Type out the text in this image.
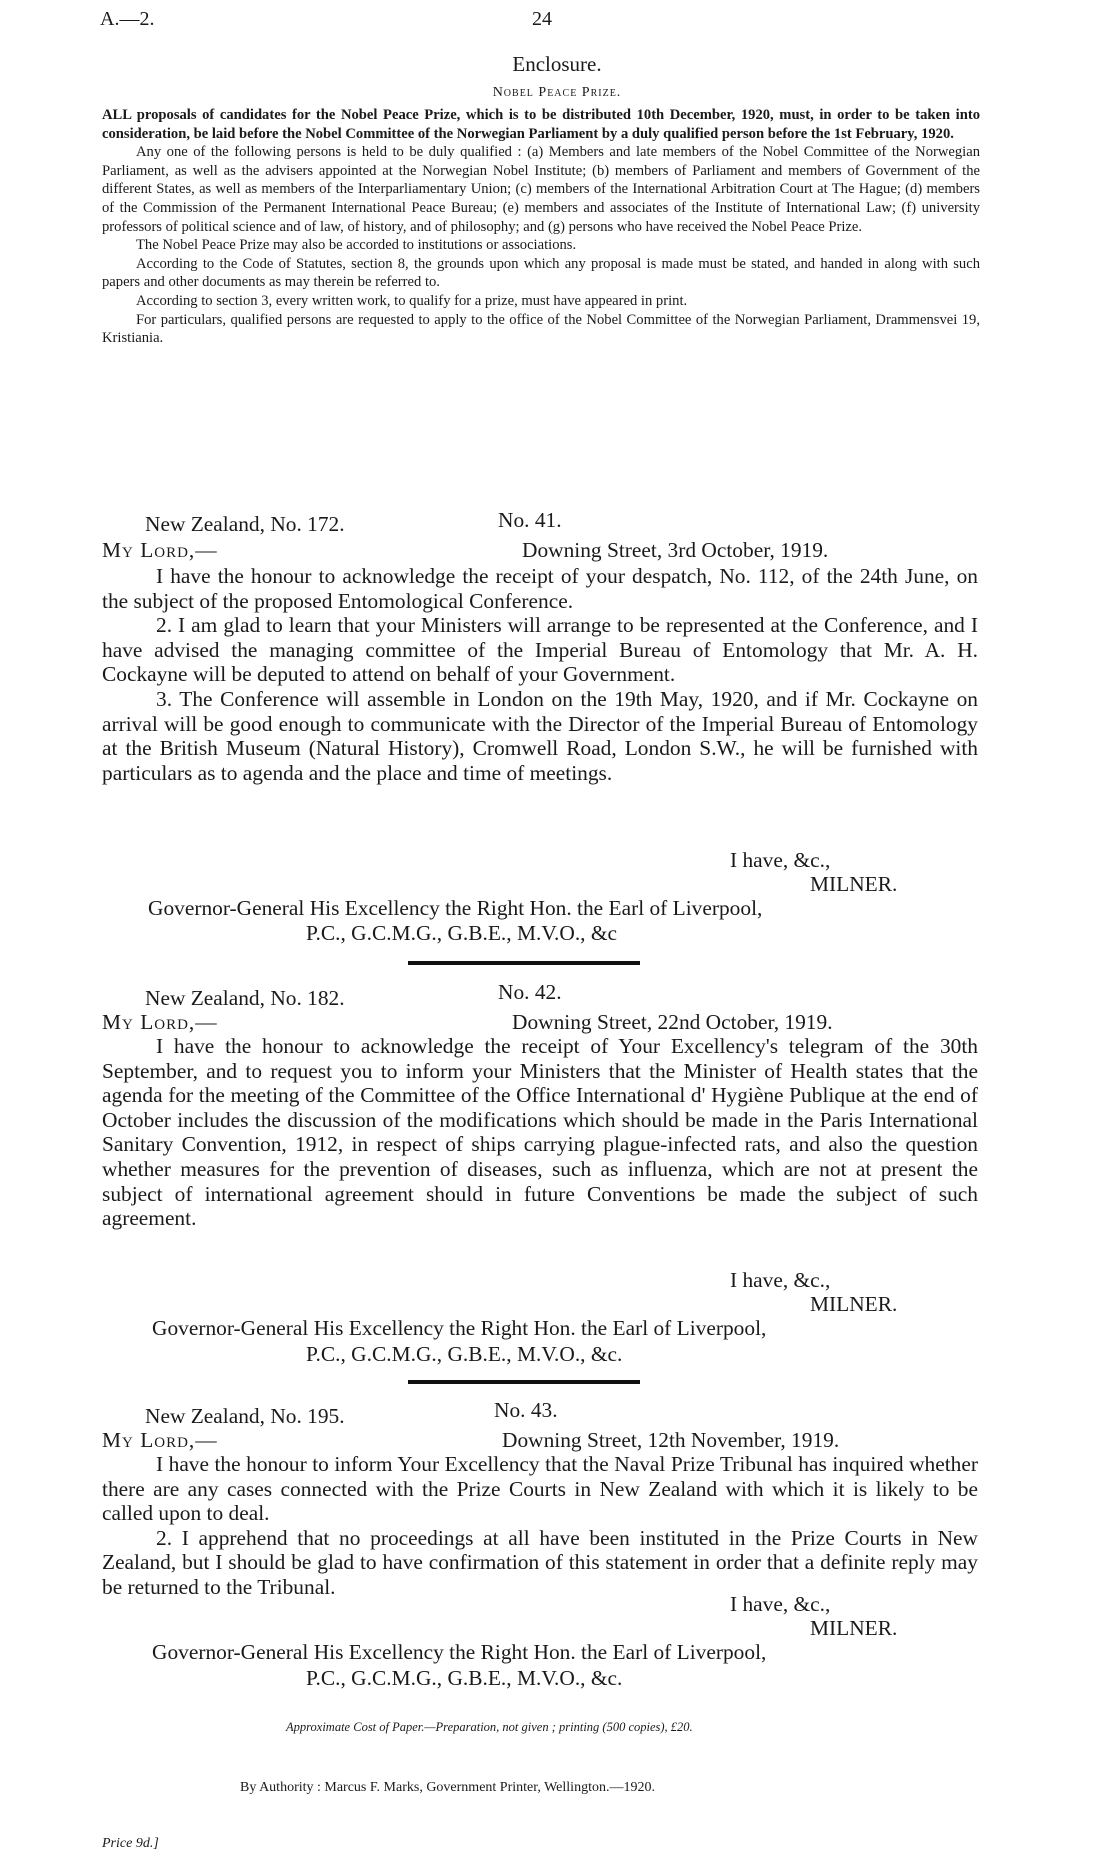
A.—2.	24
Enclosure.
Nobel Peace Prize.

ALL proposals of candidates for the Nobel Peace Prize, which is to be distributed 10th December, 1920, must, in order to be taken into consideration, be laid before the Nobel Committee of the Norwegian Parliament by a duly qualified person before the 1st February, 1920.

Any one of the following persons is held to be duly qualified : (a) Members and late members of the Nobel Committee of the Norwegian Parliament, as well as the advisers appointed at the Norwegian Nobel Institute; (b) members of Parliament and members of Government of the different States, as well as members of the Interparliamentary Union; (c) members of the International Arbitration Court at The Hague; (d) members of the Commission of the Permanent International Peace Bureau; (e) members and associates of the Institute of International Law; (f) university professors of political science and of law, of history, and of philosophy; and (g) persons who have received the Nobel Peace Prize.

The Nobel Peace Prize may also be accorded to institutions or associations.

According to the Code of Statutes, section 8, the grounds upon which any proposal is made must be stated, and handed in along with such papers and other documents as may therein be referred to.

According to section 3, every written work, to qualify for a prize, must have appeared in print.

For particulars, qualified persons are requested to apply to the office of the Nobel Committee of the Norwegian Parliament, Drammensvei 19, Kristiania.

New Zealand, No. 172.	No. 41.
My Lord,—	Downing Street, 3rd October, 1919.

I have the honour to acknowledge the receipt of your despatch, No. 112, of the 24th June, on the subject of the proposed Entomological Conference.

2. I am glad to learn that your Ministers will arrange to be represented at the Conference, and I have advised the managing committee of the Imperial Bureau of Entomology that Mr. A. H. Cockayne will be deputed to attend on behalf of your Government.

3. The Conference will assemble in London on the 19th May, 1920, and if Mr. Cockayne on arrival will be good enough to communicate with the Director of the Imperial Bureau of Entomology at the British Museum (Natural History), Cromwell Road, London S.W., he will be furnished with particulars as to agenda and the place and time of meetings.

I have, &c.,
MILNER.
Governor-General His Excellency the Right Hon. the Earl of Liverpool,
P.C., G.C.M.G., G.B.E., M.V.O., &c
New Zealand, No. 182.	No. 42.
My Lord,—	Downing Street, 22nd October, 1919.

I have the honour to acknowledge the receipt of Your Excellency's telegram of the 30th September, and to request you to inform your Ministers that the Minister of Health states that the agenda for the meeting of the Committee of the Office International d' Hygiène Publique at the end of October includes the discussion of the modifications which should be made in the Paris International Sanitary Convention, 1912, in respect of ships carrying plague-infected rats, and also the question whether measures for the prevention of diseases, such as influenza, which are not at present the subject of international agreement should in future Conventions be made the subject of such agreement.

I have, &c.,
MILNER.
Governor-General His Excellency the Right Hon. the Earl of Liverpool,
P.C., G.C.M.G., G.B.E., M.V.O., &c.
New Zealand, No. 195.	No. 43.
My Lord,—	Downing Street, 12th November, 1919.

I have the honour to inform Your Excellency that the Naval Prize Tribunal has inquired whether there are any cases connected with the Prize Courts in New Zealand with which it is likely to be called upon to deal.

2. I apprehend that no proceedings at all have been instituted in the Prize Courts in New Zealand, but I should be glad to have confirmation of this statement in order that a definite reply may be returned to the Tribunal.

I have, &c.,
MILNER.
Governor-General His Excellency the Right Hon. the Earl of Liverpool,
P.C., G.C.M.G., G.B.E., M.V.O., &c.
Approximate Cost of Paper.—Preparation, not given ; printing (500 copies), £20.
By Authority : Marcus F. Marks, Government Printer, Wellington.—1920.
Price 9d.]
